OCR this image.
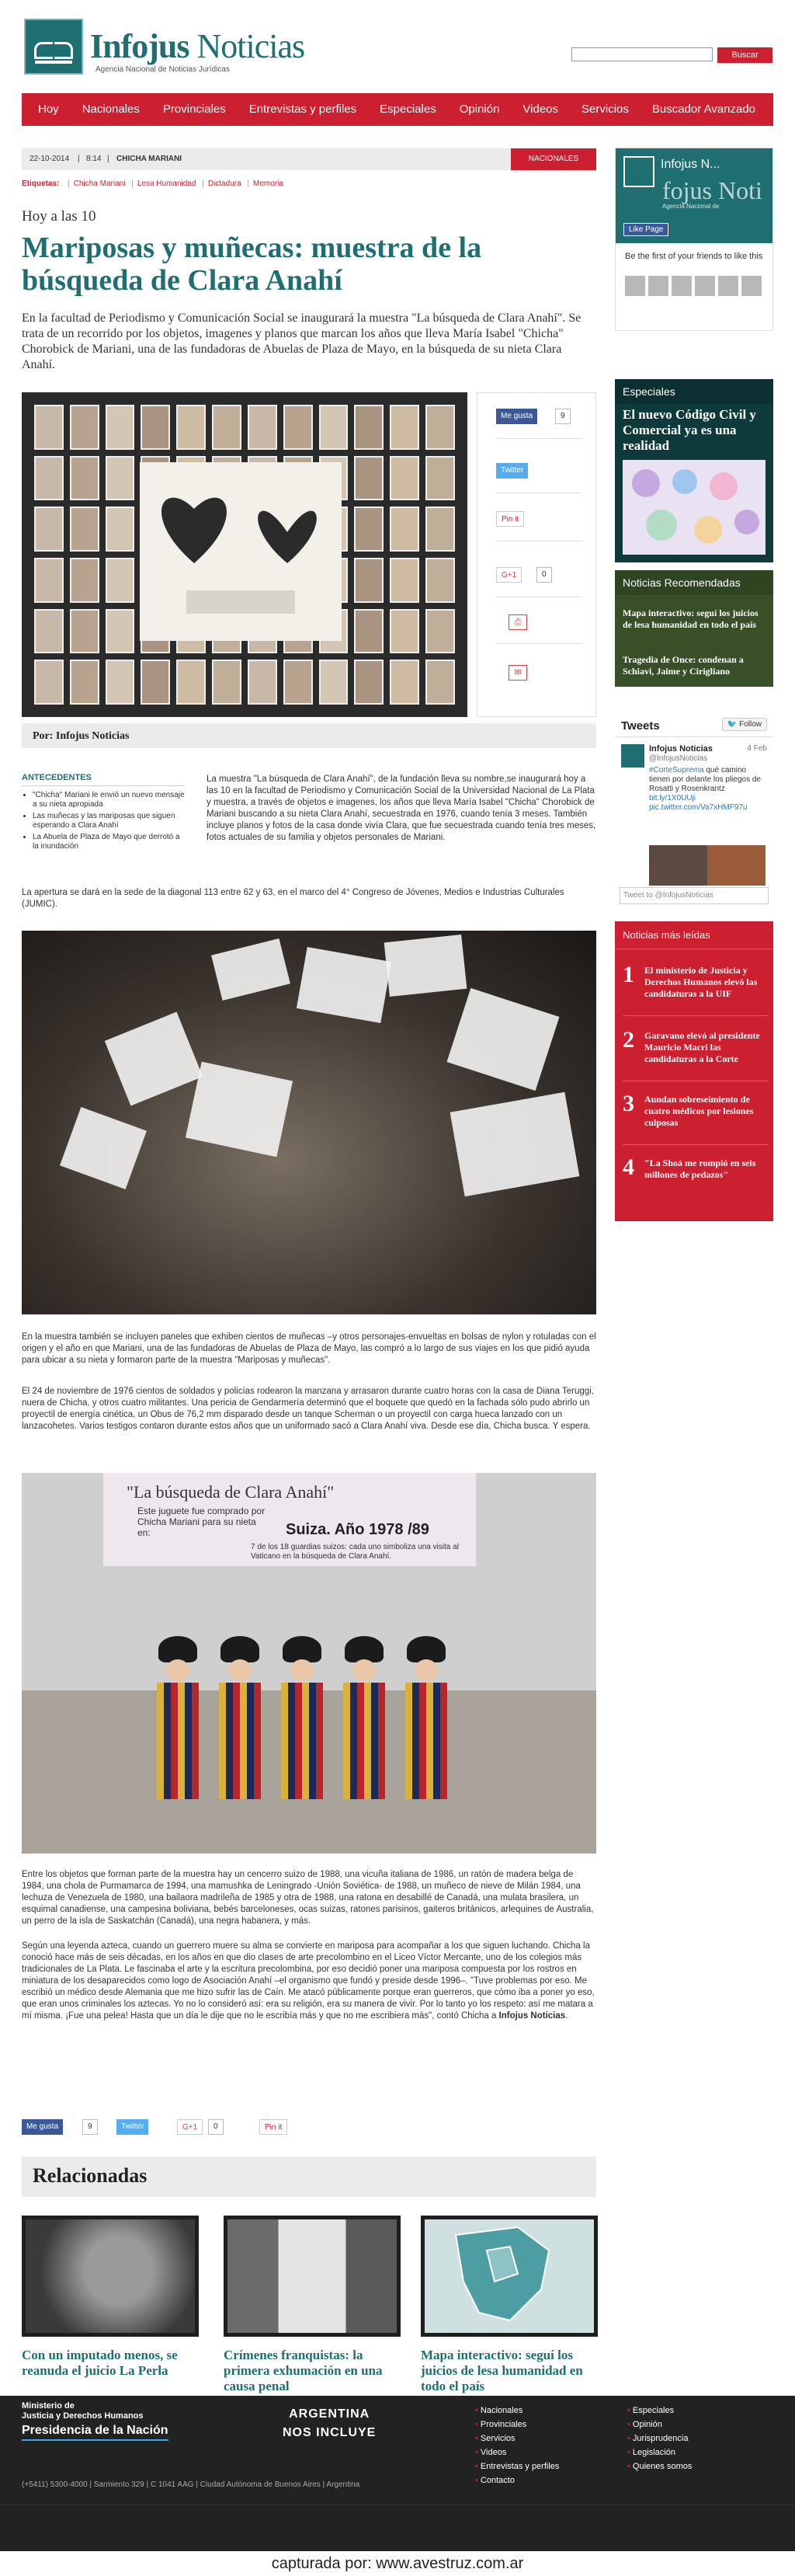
Infojus Noticias
Agencia Nacional de Noticias Jurídicas
Buscar
Hoy	Nacionales	Provinciales	Entrevistas y perfiles	Especiales	Opinión	Videos	Servicios	Buscador Avanzado
22-10-2014 | 8:14 | CHICHA MARIANI	NACIONALES
Etiquetas: | Chicha Mariani | Lesa Humanidad | Dictadura | Memoria
Hoy a las 10
Mariposas y muñecas: muestra de la búsqueda de Clara Anahí

En la facultad de Periodismo y Comunicación Social se inaugurará la muestra "La búsqueda de Clara Anahí". Se trata de un recorrido por los objetos, imagenes y planos que marcan los años que lleva María Isabel "Chicha" Chorobick de Mariani, una de las fundadoras de Abuelas de Plaza de Mayo, en la búsqueda de su nieta Clara Anahí.

Me gusta	9
Twitter
Pin it
G+1	0
⎙
✉
Por: Infojus Noticias
ANTECEDENTES
• "Chicha" Mariani le envió un nuevo mensaje a su nieta apropiada
• Las muñecas y las mariposas que siguen esperando a Clara Anahí
• La Abuela de Plaza de Mayo que derrotó a la inundación

La muestra "La búsqueda de Clara Anahí", de la fundación lleva su nombre,se inaugurará hoy a las 10 en la facultad de Periodismo y Comunicación Social de la Universidad Nacional de La Plata y muestra, a través de objetos e imagenes, los años que lleva María Isabel "Chicha" Chorobick de Mariani buscando a su nieta Clara Anahí, secuestrada en 1976, cuando tenía 3 meses. También incluye planos y fotos de la casa donde vivía Clara, que fue secuestrada cuando tenía tres meses, fotos actuales de su familia y objetos personales de Mariani.

La apertura se dará en la sede de la diagonal 113 entre 62 y 63, en el marco del 4° Congreso de Jóvenes, Medios e Industrias Culturales (JUMIC).

En la muestra también se incluyen paneles que exhiben cientos de muñecas –y otros personajes-envueltas en bolsas de nylon y rotuladas con el origen y el año en que Mariani, una de las fundadoras de Abuelas de Plaza de Mayo, las compró a lo largo de sus viajes en los que pidió ayuda para ubicar a su nieta y formaron parte de la muestra "Mariposas y muñecas".

El 24 de noviembre de 1976 cientos de soldados y policías rodearon la manzana y arrasaron durante cuatro horas con la casa de Diana Teruggi, nuera de Chicha, y otros cuatro militantes. Una pericia de Gendarmería determinó que el boquete que quedó en la fachada sólo pudo abrirlo un proyectil de energía cinética, un Obus de 76,2 mm disparado desde un tanque Scherman o un proyectil con carga hueca lanzado con un lanzacohetes. Varios testigos contaron durante estos años que un uniformado sacó a Clara Anahí viva. Desde ese día, Chicha busca. Y espera.

"La búsqueda de Clara Anahí"
Este juguete fue comprado por Chicha Mariani para su nieta en:	Suiza. Año 1978 /89
7 de los 18 guardias suizos: cada uno simboliza una visita al Vaticano en la búsqueda de Clara Anahí.

Entre los objetos que forman parte de la muestra hay un cencerro suizo de 1988, una vicuña italiana de 1986, un ratón de madera belga de 1984, una chola de Purmamarca de 1994, una mamushka de Leningrado -Unión Soviética- de 1988, un muñeco de nieve de Milán 1984, una lechuza de Venezuela de 1980, una bailaora madrileña de 1985 y otra de 1988, una ratona en desabillé de Canadá, una mulata brasilera, un esquimal canadiense, una campesina boliviana, bebés barceloneses, ocas suizas, ratones parisinos, gaiteros británicos, arlequines de Australia, un perro de la isla de Saskatchán (Canadá), una negra habanera, y más.

Según una leyenda azteca, cuando un guerrero muere su alma se convierte en mariposa para acompañar a los que siguen luchando. Chicha la conoció hace más de seis décadas, en los años en que dio clases de arte precolombino en el Liceo Víctor Mercante, uno de los colegios más tradicionales de La Plata. Le fascinaba el arte y la escritura precolombina, por eso decidió poner una mariposa compuesta por los rostros en miniatura de los desaparecidos como logo de Asociación Anahí –el organismo que fundó y preside desde 1996–. "Tuve problemas por eso. Me escribió un médico desde Alemania que me hizo sufrir las de Caín. Me atacó públicamente porque eran guerreros, que cómo iba a poner yo eso, que eran unos criminales los aztecas. Yo no lo consideró así: era su religión, era su manera de vivir. Por lo tanto yo los respeto: así me matara a mí misma. ¡Fue una pelea! Hasta que un día le dije que no le escribía más y que no me escribiera más", contó Chicha a Infojus Noticias.

Me gusta	9	Twitter	G+1	0	Pin it
Relacionadas
Con un imputado menos, se reanuda el juicio La Perla
Crímenes franquistas: la primera exhumación en una causa penal
Mapa interactivo: seguí los juicios de lesa humanidad en todo el país
Infojus N...
fojus Noti
Agencia Nacional de
Like Page
Be the first of your friends to like this
Especiales
El nuevo Código Civil y Comercial ya es una realidad
Noticias Recomendadas
Mapa interactivo: seguí los juicios de lesa humanidad en todo el país
Tragedia de Once: condenan a Schiavi, Jaime y Cirigliano
Tweets	🐦 Follow
Infojus Noticias
@InfojusNoticias
4 Feb
#CorteSuprema qué camino tienen por delante los pliegos de Rosatti y Rosenkrantz bit.ly/1X0UUji pic.twitter.com/Va7xHMF97u
Tweet to @InfojusNoticias
Noticias más leídas
1 El ministerio de Justicia y Derechos Humanos elevó las candidaturas a la UIF
2 Garavano elevó al presidente Mauricio Macri las candidaturas a la Corte
3 Aundan sobreseimiento de cuatro médicos por lesiones culposas
4 "La Shoá me rompió en seis millones de pedazos"
Ministerio de
Justicia y Derechos Humanos
Presidencia de la Nación
ARGENTINA
NOS INCLUYE
• Nacionales
• Provinciales
• Servicios
• Videos
• Entrevistas y perfiles
• Contacto
• Especiales
• Opinión
• Jurisprudencia
• Legislación
• Quienes somos
(+5411) 5300-4000 | Sarmiento 329 | C 1041 AAG | Ciudad Autónoma de Buenos Aires | Argentina
capturada por: www.avestruz.com.ar
